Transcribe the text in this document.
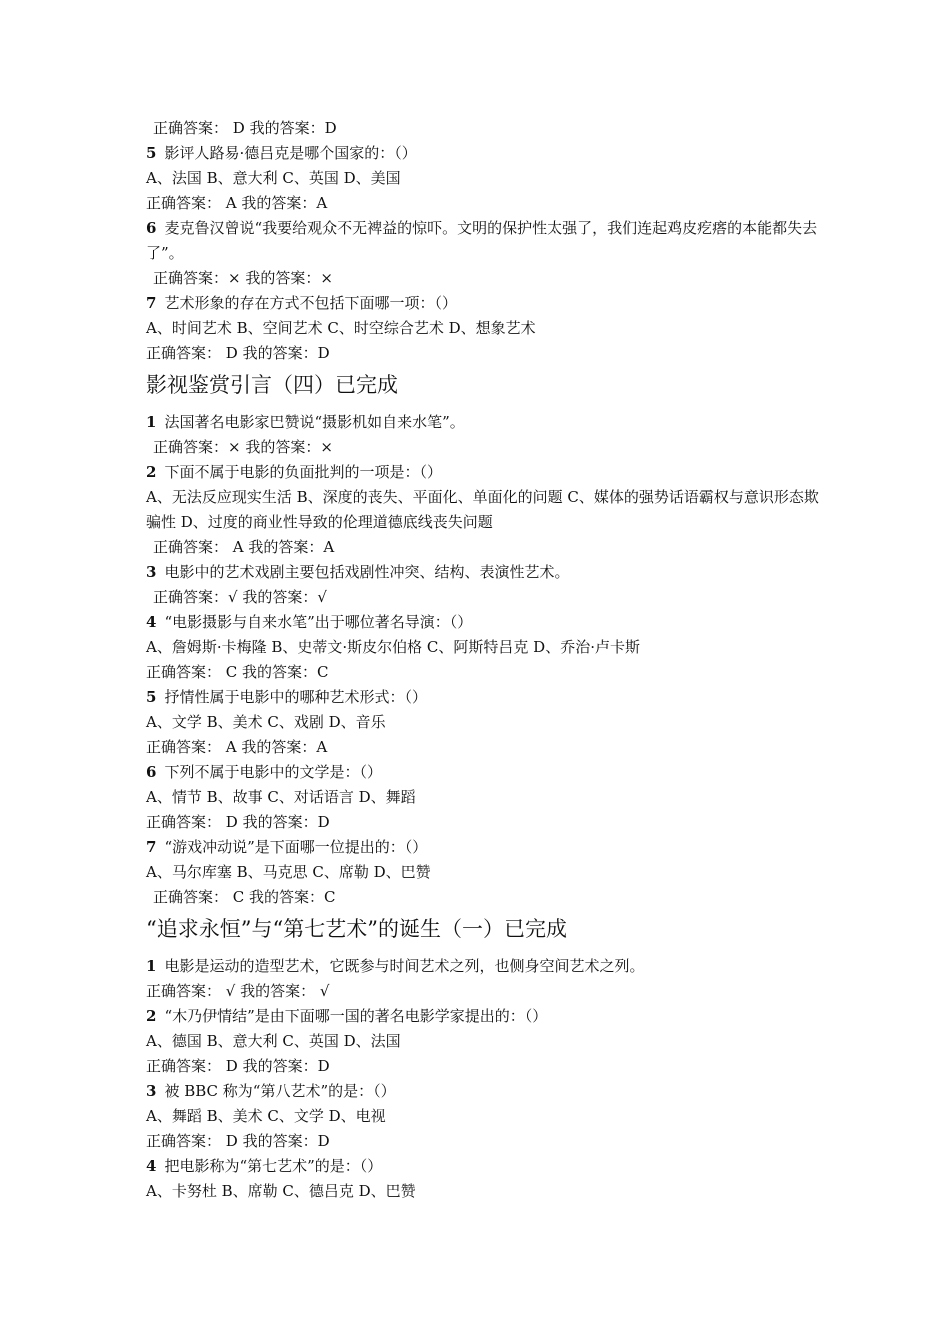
正确答案： D 我的答案：D
5 影评人路易·德吕克是哪个国家的：（）
A、法国 B、意大利 C、英国 D、美国
正确答案： A 我的答案：A
6 麦克鲁汉曾说“我要给观众不无裨益的惊吓。文明的保护性太强了，我们连起鸡皮疙瘩的本能都失去了”。
正确答案：× 我的答案：×
7 艺术形象的存在方式不包括下面哪一项：（）
A、时间艺术 B、空间艺术 C、时空综合艺术 D、想象艺术
正确答案： D 我的答案：D
影视鉴赏引言（四）已完成
1 法国著名电影家巴赞说“摄影机如自来水笔”。
正确答案：× 我的答案：×
2 下面不属于电影的负面批判的一项是：（）
A、无法反应现实生活 B、深度的丧失、平面化、单面化的问题 C、媒体的强势话语霸权与意识形态欺骗性 D、过度的商业性导致的伦理道德底线丧失问题
正确答案： A 我的答案：A
3 电影中的艺术戏剧主要包括戏剧性冲突、结构、表演性艺术。
正确答案：√ 我的答案：√
4 “电影摄影与自来水笔”出于哪位著名导演：（）
A、詹姆斯·卡梅隆 B、史蒂文·斯皮尔伯格 C、阿斯特吕克 D、乔治·卢卡斯
正确答案： C 我的答案：C
5 抒情性属于电影中的哪种艺术形式：（）
A、文学 B、美术 C、戏剧 D、音乐
正确答案： A 我的答案：A
6 下列不属于电影中的文学是：（）
A、情节 B、故事 C、对话语言 D、舞蹈
正确答案： D 我的答案：D
7 “游戏冲动说”是下面哪一位提出的：（）
A、马尔库塞 B、马克思 C、席勒 D、巴赞
正确答案： C 我的答案：C
“追求永恒”与“第七艺术”的诞生（一）已完成
1 电影是运动的造型艺术，它既参与时间艺术之列，也侧身空间艺术之列。
正确答案： √ 我的答案： √
2 “木乃伊情结”是由下面哪一国的著名电影学家提出的：（）
A、德国 B、意大利 C、英国 D、法国
正确答案： D 我的答案：D
3 被 BBC 称为“第八艺术”的是：（）
A、舞蹈 B、美术 C、文学 D、电视
正确答案： D 我的答案：D
4 把电影称为“第七艺术”的是：（）
A、卡努杜 B、席勒 C、德吕克 D、巴赞
